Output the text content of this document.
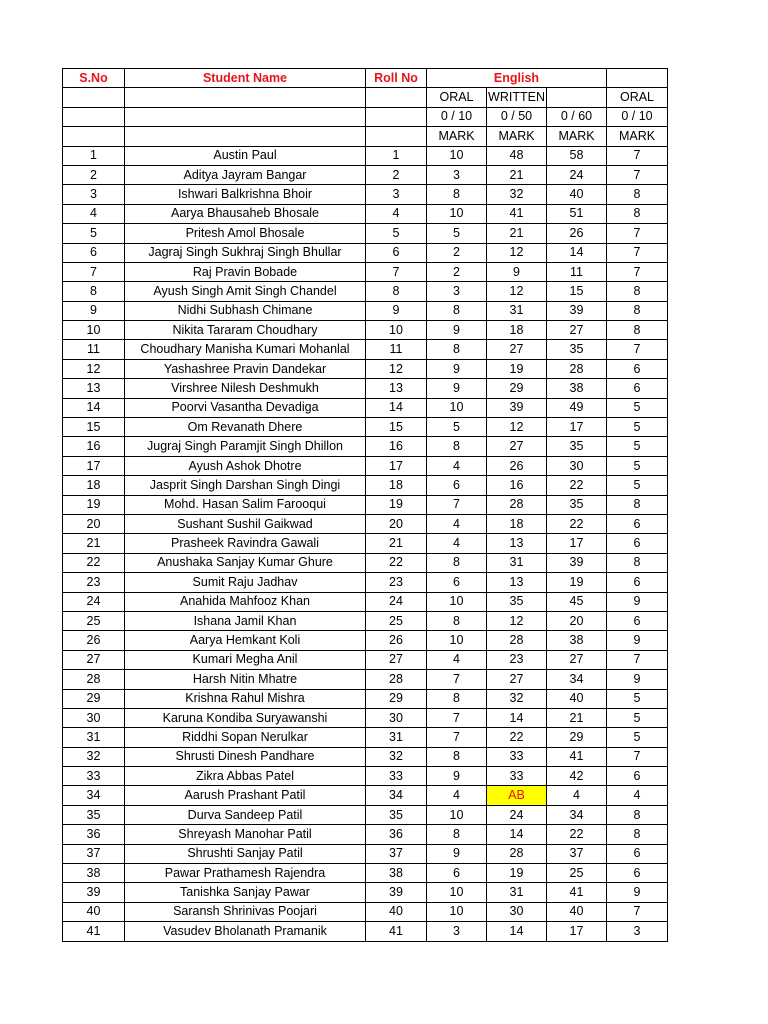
S.No	Student Name	Roll No	English			
			ORAL	WRITTEN		ORAL
			0 / 10	0 / 50	0 / 60	0 / 10
			MARK	MARK	MARK	MARK
1	Austin Paul	1	10	48	58	7
2	Aditya Jayram Bangar	2	3	21	24	7
3	Ishwari Balkrishna Bhoir	3	8	32	40	8
4	Aarya Bhausaheb Bhosale	4	10	41	51	8
5	Pritesh Amol Bhosale	5	5	21	26	7
6	Jagraj Singh Sukhraj Singh Bhullar	6	2	12	14	7
7	Raj Pravin Bobade	7	2	9	11	7
8	Ayush Singh Amit Singh Chandel	8	3	12	15	8
9	Nidhi Subhash Chimane	9	8	31	39	8
10	Nikita Tararam Choudhary	10	9	18	27	8
11	Choudhary Manisha Kumari Mohanlal	11	8	27	35	7
12	Yashashree Pravin Dandekar	12	9	19	28	6
13	Virshree Nilesh Deshmukh	13	9	29	38	6
14	Poorvi Vasantha Devadiga	14	10	39	49	5
15	Om Revanath Dhere	15	5	12	17	5
16	Jugraj Singh Paramjit Singh Dhillon	16	8	27	35	5
17	Ayush Ashok Dhotre	17	4	26	30	5
18	Jasprit Singh Darshan Singh Dingi	18	6	16	22	5
19	Mohd. Hasan Salim Farooqui	19	7	28	35	8
20	Sushant Sushil Gaikwad	20	4	18	22	6
21	Prasheek Ravindra Gawali	21	4	13	17	6
22	Anushaka Sanjay Kumar Ghure	22	8	31	39	8
23	Sumit Raju Jadhav	23	6	13	19	6
24	Anahida Mahfooz Khan	24	10	35	45	9
25	Ishana Jamil Khan	25	8	12	20	6
26	Aarya Hemkant Koli	26	10	28	38	9
27	Kumari Megha Anil	27	4	23	27	7
28	Harsh Nitin Mhatre	28	7	27	34	9
29	Krishna Rahul Mishra	29	8	32	40	5
30	Karuna Kondiba Suryawanshi	30	7	14	21	5
31	Riddhi Sopan Nerulkar	31	7	22	29	5
32	Shrusti Dinesh Pandhare	32	8	33	41	7
33	Zikra Abbas Patel	33	9	33	42	6
34	Aarush Prashant Patil	34	4	AB	4	4
35	Durva Sandeep Patil	35	10	24	34	8
36	Shreyash Manohar Patil	36	8	14	22	8
37	Shrushti Sanjay Patil	37	9	28	37	6
38	Pawar Prathamesh Rajendra	38	6	19	25	6
39	Tanishka Sanjay Pawar	39	10	31	41	9
40	Saransh Shrinivas Poojari	40	10	30	40	7
41	Vasudev Bholanath Pramanik	41	3	14	17	3
